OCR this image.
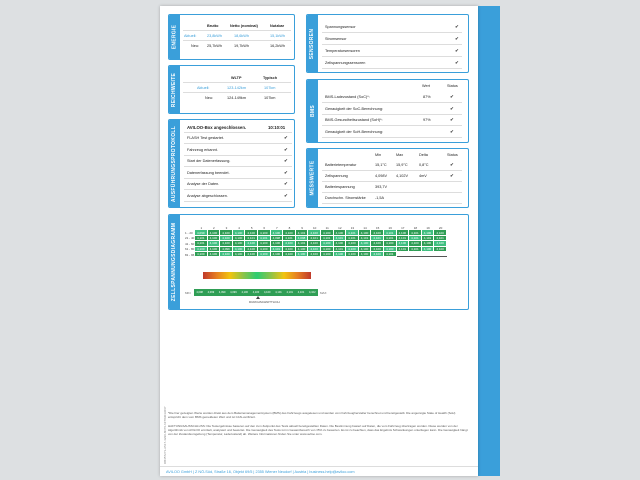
ENERGIE	Brutto	Netto (nominal)	Nutzbar
Aktuell:	23,8kWh	18,6kWh	15,1kWh
Neu: 25,7kWh	19,7kWh	16,2kWh
REICHWEITE	WLTP	Typisch
Aktuell:	123-142km	107km
Neu:	124-149km	107km
AUSFÜHRUNGSPROTOKOLL AVILOO-Box angeschlossen.	10:10:01
FLASH Test gestartet.	✔
Fahrzeug erkannt.	✔
Start der Datenerfassung.	✔
Datenerfassung beendet.	✔
Analyse der Daten.	✔
Analyse abgeschlossen.	✔
SENSOREN
Spannungssensor	✔
Stromsensor	✔
Temperatursensoren	✔
Zellspannungssensoren	✔
BMS
Wert	Status
BMS-Ladezustand (SoC)*:	87%	✔
Genauigkeit der SoC-Berechnung:	✔
BMS-Gesundheitszustand (SoH)*:	97%	✔
Genauigkeit der SoH-Berechnung:	✔
MESSWERTE
Min	Max	Delta	Status
Batterietemperatur	15,1°C 15,9°C	0,8°C	✔
Zellspannung	4,098V 4,102V	4mV	✔
Batteriespannung	393,7V
Durchschn. Stromstärke -1,5A
ZELLSPANNUNGSDIAGRAMM	1	2	3	4	5	6	7	8	9	10	11	12	13	14	15	16	17	18	19	20
1 - 20	4,099	4,100	4,100	4,100	4,100	4,100	4,100	4,100	4,101	4,100	4,100	4,100	4,101	4,100	4,100	4,101	4,100	4,101	4,100	4,100
21 - 40 4,101	4,100	4,100	4,100	4,101	4,101	4,098	4,101	4,098	4,101	4,101	4,101	4,101	4,101	4,101	4,101	4,101	4,101	4,101	4,101
41 - 60 4,101	4,100	4,100	4,100	4,100	4,100	4,100	4,100	4,101	4,100	4,100	4,100	4,100	4,100	4,100	4,100	4,100	4,100	4,100	4,100
61 - 80 4,100	4,100	4,099	4,100	4,100	4,100	4,101	4,100	4,100	4,100	4,100	4,101	4,100	4,100	4,100	4,100	4,101	4,101	4,100	4,100
81 - 96 4,100	4,100	4,100	4,100	4,100	4,100	4,100	4,100	4,100	4,100	4,100	4,100	4,100	4,100	4,100	4,101
MIN 4,098 4,099 4,099 4,099 4,100 4,100 4,100 4,101 4,101 4,101 4,102 MAX
DURCHSCHNITTLICH
DB457271-A517-4290-8D76-6F783033667 *Die hier gezeigten Werte wurden direkt aus dem Batteriemanagementsystem (BMS) des Fahrzeugs ausgelesen und werden vom Fahrzeughersteller berechnet und bereitgestellt. Die angezeigte State of Health (SoH) entspricht dem vom BMS gemeldeten Wert und ist CAN-verifiziert.
HAFTUNGSAUSSCHLUSS: Die Testergebnisse basieren auf den zum Zeitpunkt des Tests aktuell bereitgestellten Daten. Die Bestimmung basiert auf Daten, die vom Fahrzeug übertragen wurden. Diese werden von der Algorithmik von AVILOO ermittelt, analysiert und bewertet. Die Genauigkeit des Tests ist im Gesamtbereich von ±5% zu bewerten. Es ist zu beachten, dass das Ergebnis Schwankungen unterliegen kann. Die Genauigkeit hängt von der Zustandsumgebung (Temperatur, Ladezustand) ab. Weitere Informationen finden Sie unter www.aviloo.com.
AVILOO GmbH | Z NÖ-Süd, Straße 16, Objekt 69/5 | 2355 Wiener Neudorf | Austria | business.help@aviloo.com
